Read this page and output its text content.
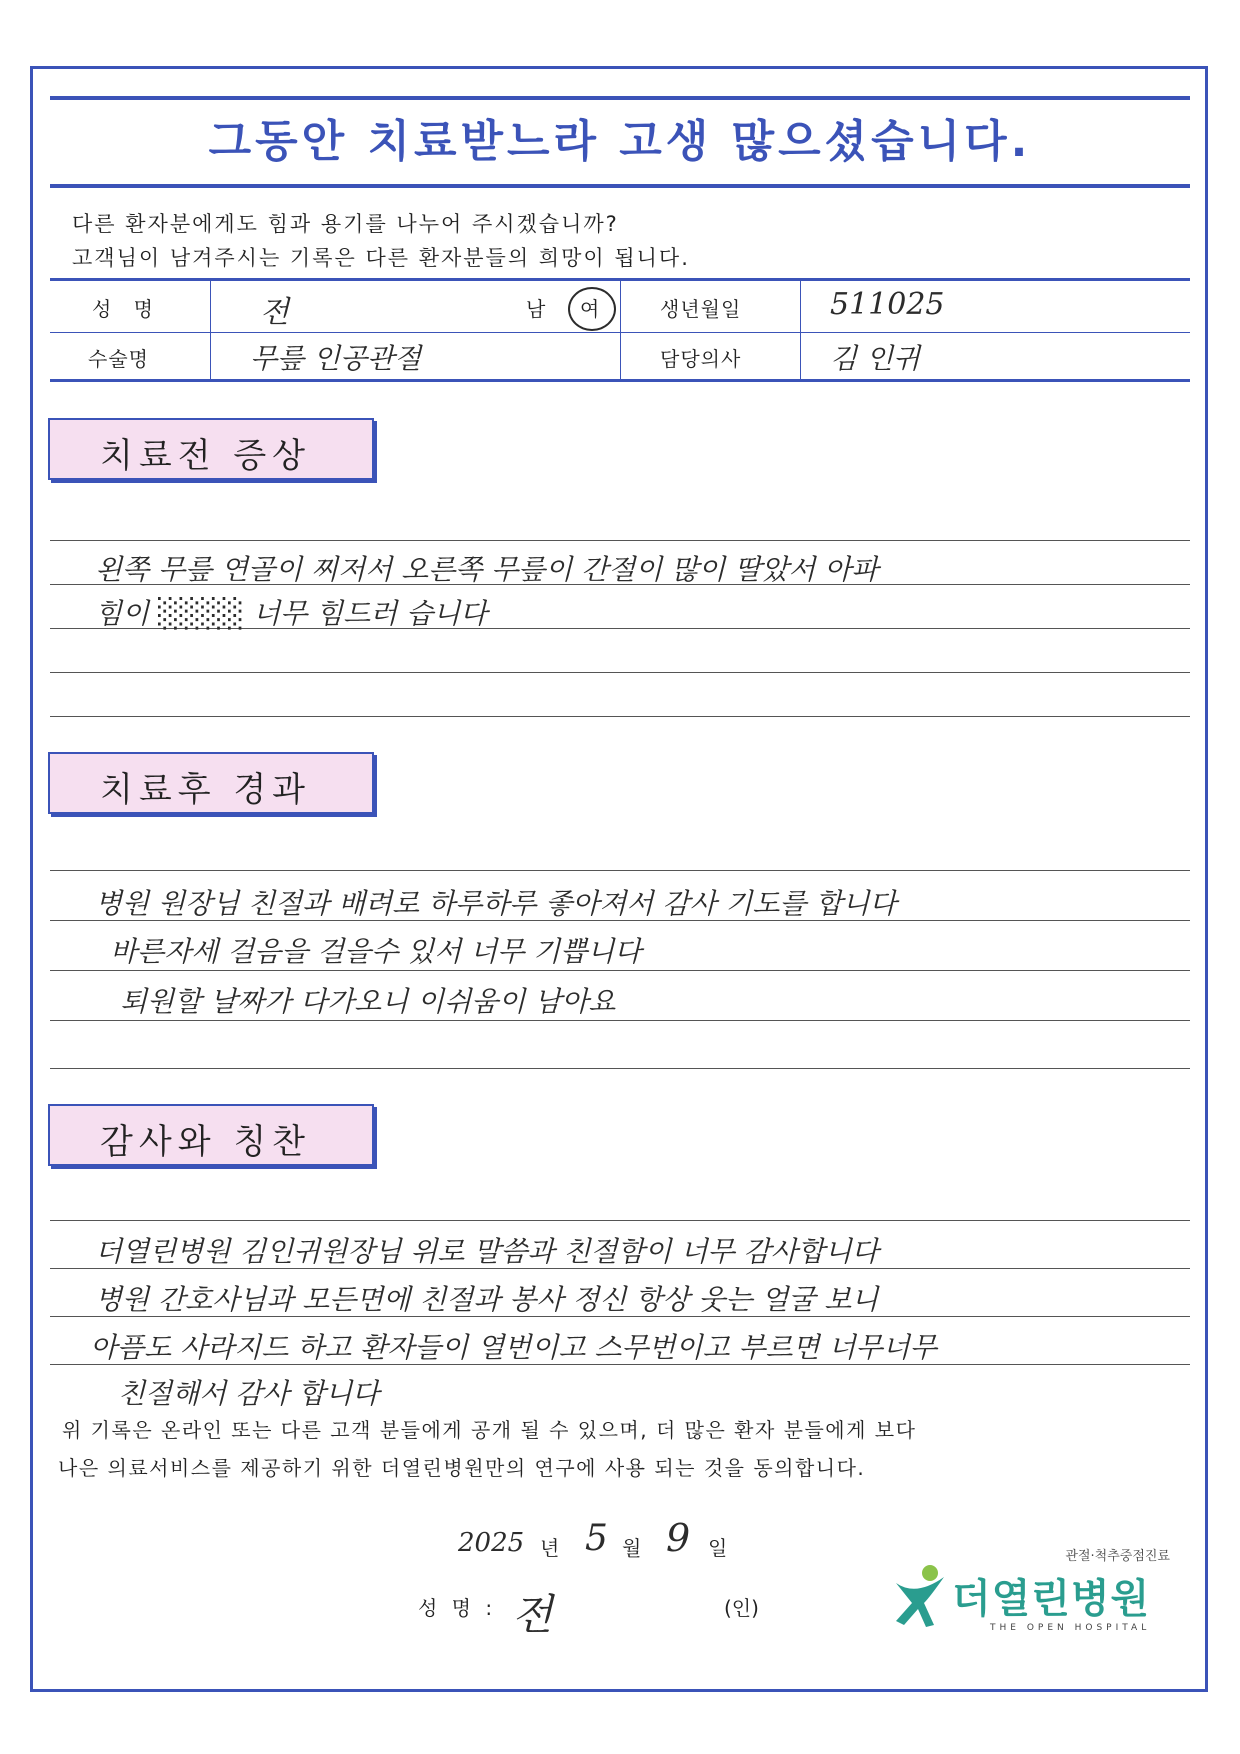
그동안 치료받느라 고생 많으셨습니다.
다른 환자분에게도 힘과 용기를 나누어 주시겠습니까?
고객님이 남겨주시는 기록은 다른 환자분들의 희망이 됩니다.
성 명	전	남 여	생년월일	511025
수술명	무릎 인공관절	담당의사	김 인귀
치료전 증상
왼쪽 무릎 연골이 찌저서 오른쪽 무릎이 간절이 많이 딸았서 아파
힘이 ░░░░ 너무 힘드러 습니다
치료후 경과
병원 원장님 친절과 배려로 하루하루 좋아져서 감사 기도를 합니다
바른자세 걸음을 걸을수 있서 너무 기쁩니다
퇴원할 날짜가 다가오니 이쉬움이 남아요
감사와 칭찬
더열린병원 김인귀원장님 위로 말씀과 친절함이 너무 감사합니다
병원 간호사님과 모든면에 친절과 봉사 정신 항상 웃는 얼굴 보니
아픔도 사라지드 하고 환자들이 열번이고 스무번이고 부르면 너무너무
친절해서 감사 합니다
위 기록은 온라인 또는 다른 고객 분들에게 공개 될 수 있으며, 더 많은 환자 분들에게 보다
나은 의료서비스를 제공하기 위한 더열린병원만의 연구에 사용 되는 것을 동의합니다.
2025 년 5 월 9 일
성 명 : 전	(인)
관절·척추중점진료
더열린병원
THE OPEN HOSPITAL
